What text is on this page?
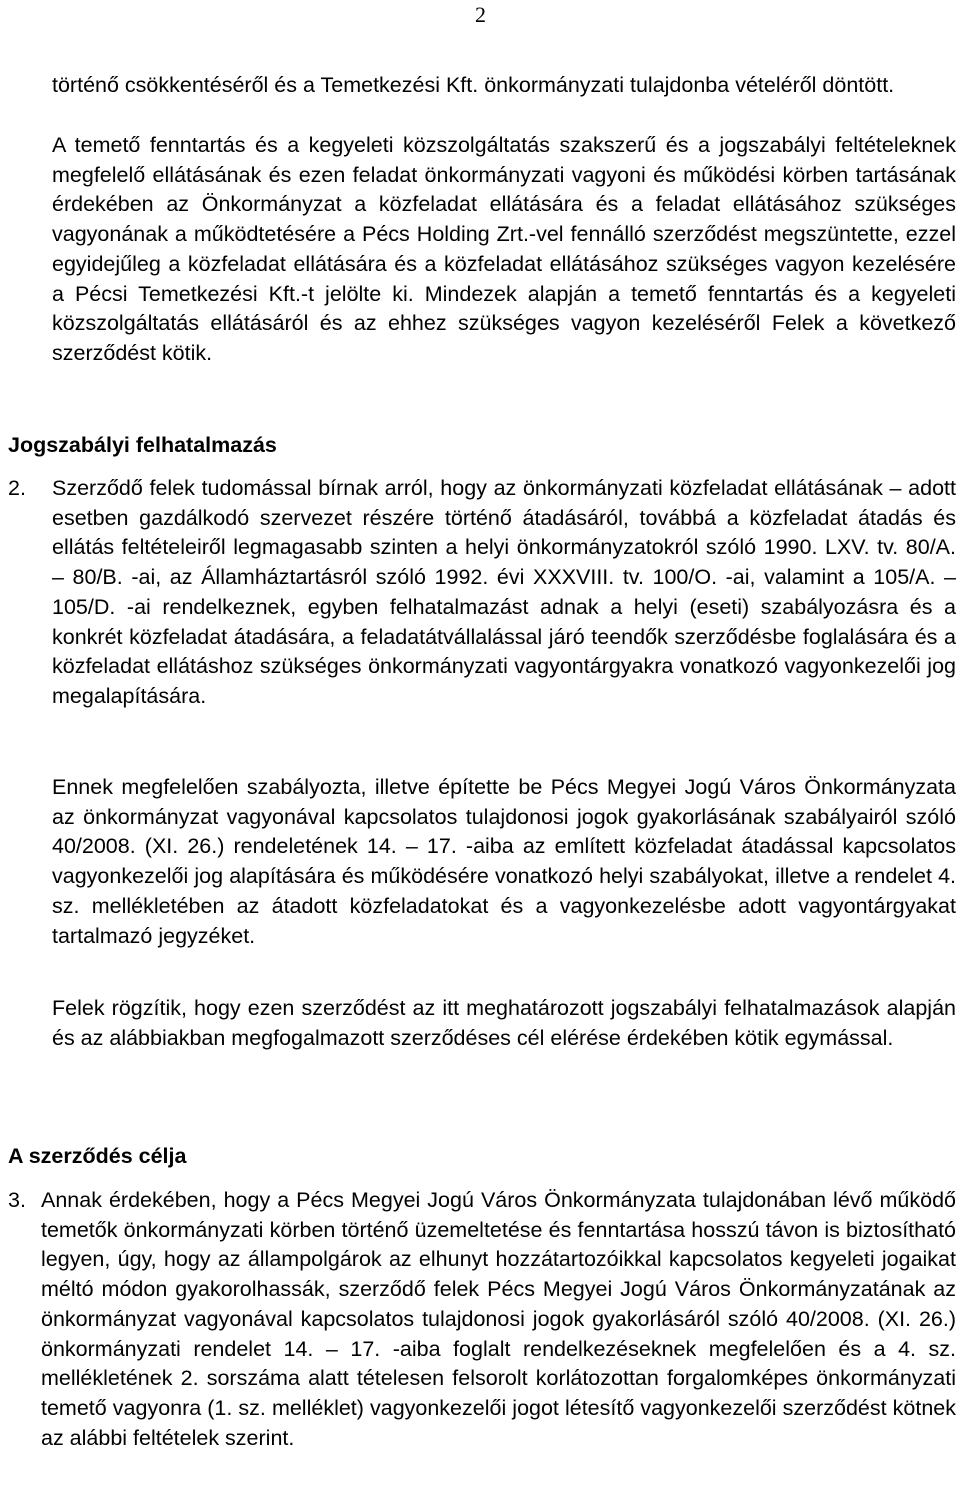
2
történő csökkentéséről és a Temetkezési Kft. önkormányzati tulajdonba vételéről döntött.
A temető fenntartás és a kegyeleti közszolgáltatás szakszerű és a jogszabályi feltételeknek megfelelő ellátásának és ezen feladat önkormányzati vagyoni és működési körben tartásának érdekében az Önkormányzat a közfeladat ellátására és a feladat ellátásához szükséges vagyonának a működtetésére a Pécs Holding Zrt.-vel fennálló szerződést megszüntette, ezzel egyidejűleg a közfeladat ellátására és a közfeladat ellátásához szükséges vagyon kezelésére a Pécsi Temetkezési Kft.-t jelölte ki. Mindezek alapján a temető fenntartás és a kegyeleti közszolgáltatás ellátásáról és az ehhez szükséges vagyon kezeléséről Felek a következő szerződést kötik.
Jogszabályi felhatalmazás
2. Szerződő felek tudomással bírnak arról, hogy az önkormányzati közfeladat ellátásának – adott esetben gazdálkodó szervezet részére történő átadásáról, továbbá a közfeladat átadás és ellátás feltételeiről legmagasabb szinten a helyi önkormányzatokról szóló 1990. LXV. tv. 80/A. – 80/B. -ai, az Államháztartásról szóló 1992. évi XXXVIII. tv. 100/O. -ai, valamint a 105/A. – 105/D. -ai rendelkeznek, egyben felhatalmazást adnak a helyi (eseti) szabályozásra és a konkrét közfeladat átadására, a feladatátvállalással járó teendők szerződésbe foglalására és a közfeladat ellátáshoz szükséges önkormányzati vagyontárgyakra vonatkozó vagyonkezelői jog megalapítására.
Ennek megfelelően szabályozta, illetve építette be Pécs Megyei Jogú Város Önkormányzata az önkormányzat vagyonával kapcsolatos tulajdonosi jogok gyakorlásának szabályairól szóló 40/2008. (XI. 26.) rendeletének 14. – 17. -aiba az említett közfeladat átadással kapcsolatos vagyonkezelői jog alapítására és működésére vonatkozó helyi szabályokat, illetve a rendelet 4. sz. mellékletében az átadott közfeladatokat és a vagyonkezelésbe adott vagyontárgyakat tartalmazó jegyzéket.
Felek rögzítik, hogy ezen szerződést az itt meghatározott jogszabályi felhatalmazások alapján és az alábbiakban megfogalmazott szerződéses cél elérése érdekében kötik egymással.
A szerződés célja
3. Annak érdekében, hogy a Pécs Megyei Jogú Város Önkormányzata tulajdonában lévő működő temetők önkormányzati körben történő üzemeltetése és fenntartása hosszú távon is biztosítható legyen, úgy, hogy az állampolgárok az elhunyt hozzátartozóikkal kapcsolatos kegyeleti jogaikat méltó módon gyakorolhassák, szerződő felek Pécs Megyei Jogú Város Önkormányzatának az önkormányzat vagyonával kapcsolatos tulajdonosi jogok gyakorlásáról szóló 40/2008. (XI. 26.) önkormányzati rendelet 14. – 17. -aiba foglalt rendelkezéseknek megfelelően és a 4. sz. mellékletének 2. sorszáma alatt tételesen felsorolt korlátozottan forgalomképes önkormányzati temető vagyonra (1. sz. melléklet) vagyonkezelői jogot létesítő vagyonkezelői szerződést kötnek az alábbi feltételek szerint.
